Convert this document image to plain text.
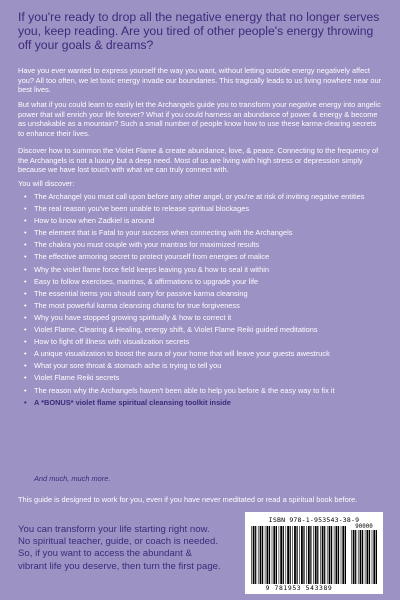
If you're ready to drop all the negative energy that no longer serves you, keep reading. Are you tired of other people's energy throwing off your goals & dreams?

Have you ever wanted to express yourself the way you want, without letting outside energy negatively affect you? All too often, we let toxic energy invade our boundaries. This tragically leads to us living nowhere near our best lives.

But what if you could learn to easily let the Archangels guide you to transform your negative energy into angelic power that will enrich your life forever? What if you could harness an abundance of power & energy & become as unshakable as a mountain? Such a small number of people know how to use these karma-clearing secrets to enhance their lives.

Discover how to summon the Violet Flame & create abundance, love, & peace. Connecting to the frequency of the Archangels is not a luxury but a deep need. Most of us are living with high stress or depression simply because we have lost touch with what we can truly connect with.

You will discover:

• The Archangel you must call upon before any other angel, or you're at risk of inviting negative entities
• The real reason you've been unable to release spiritual blockages
• How to know when Zadkiel is around
• The element that is Fatal to your success when connecting with the Archangels
• The chakra you must couple with your mantras for maximized results
• The effective armoring secret to protect yourself from energies of malice
• Why the violet flame force field keeps leaving you & how to seal it within
• Easy to follow exercises, mantras, & affirmations to upgrade your life
• The essential items you should carry for passive karma cleansing
• The most powerful karma cleansing chants for true forgiveness
• Why you have stopped growing spiritually & how to correct it
• Violet Flame, Clearing & Healing, energy shift, & Violet Flame Reiki guided meditations
• How to fight off illness with visualization secrets
• A unique visualization to boost the aura of your home that will leave your guests awestruck
• What your sore throat & stomach ache is trying to tell you
• Violet Flame Reiki secrets
• The reason why the Archangels haven't been able to help you before & the easy way to fix it
• A *BONUS* violet flame spiritual cleansing toolkit inside
And much, much more.

This guide is designed to work for you, even if you have never meditated or read a spiritual book before.

You can transform your life starting right now. No spiritual teacher, guide, or coach is needed. So, if you want to access the abundant & vibrant life you deserve, then turn the first page.
ISBN 978-1-953543-38-9
90000
9 781953 543389
